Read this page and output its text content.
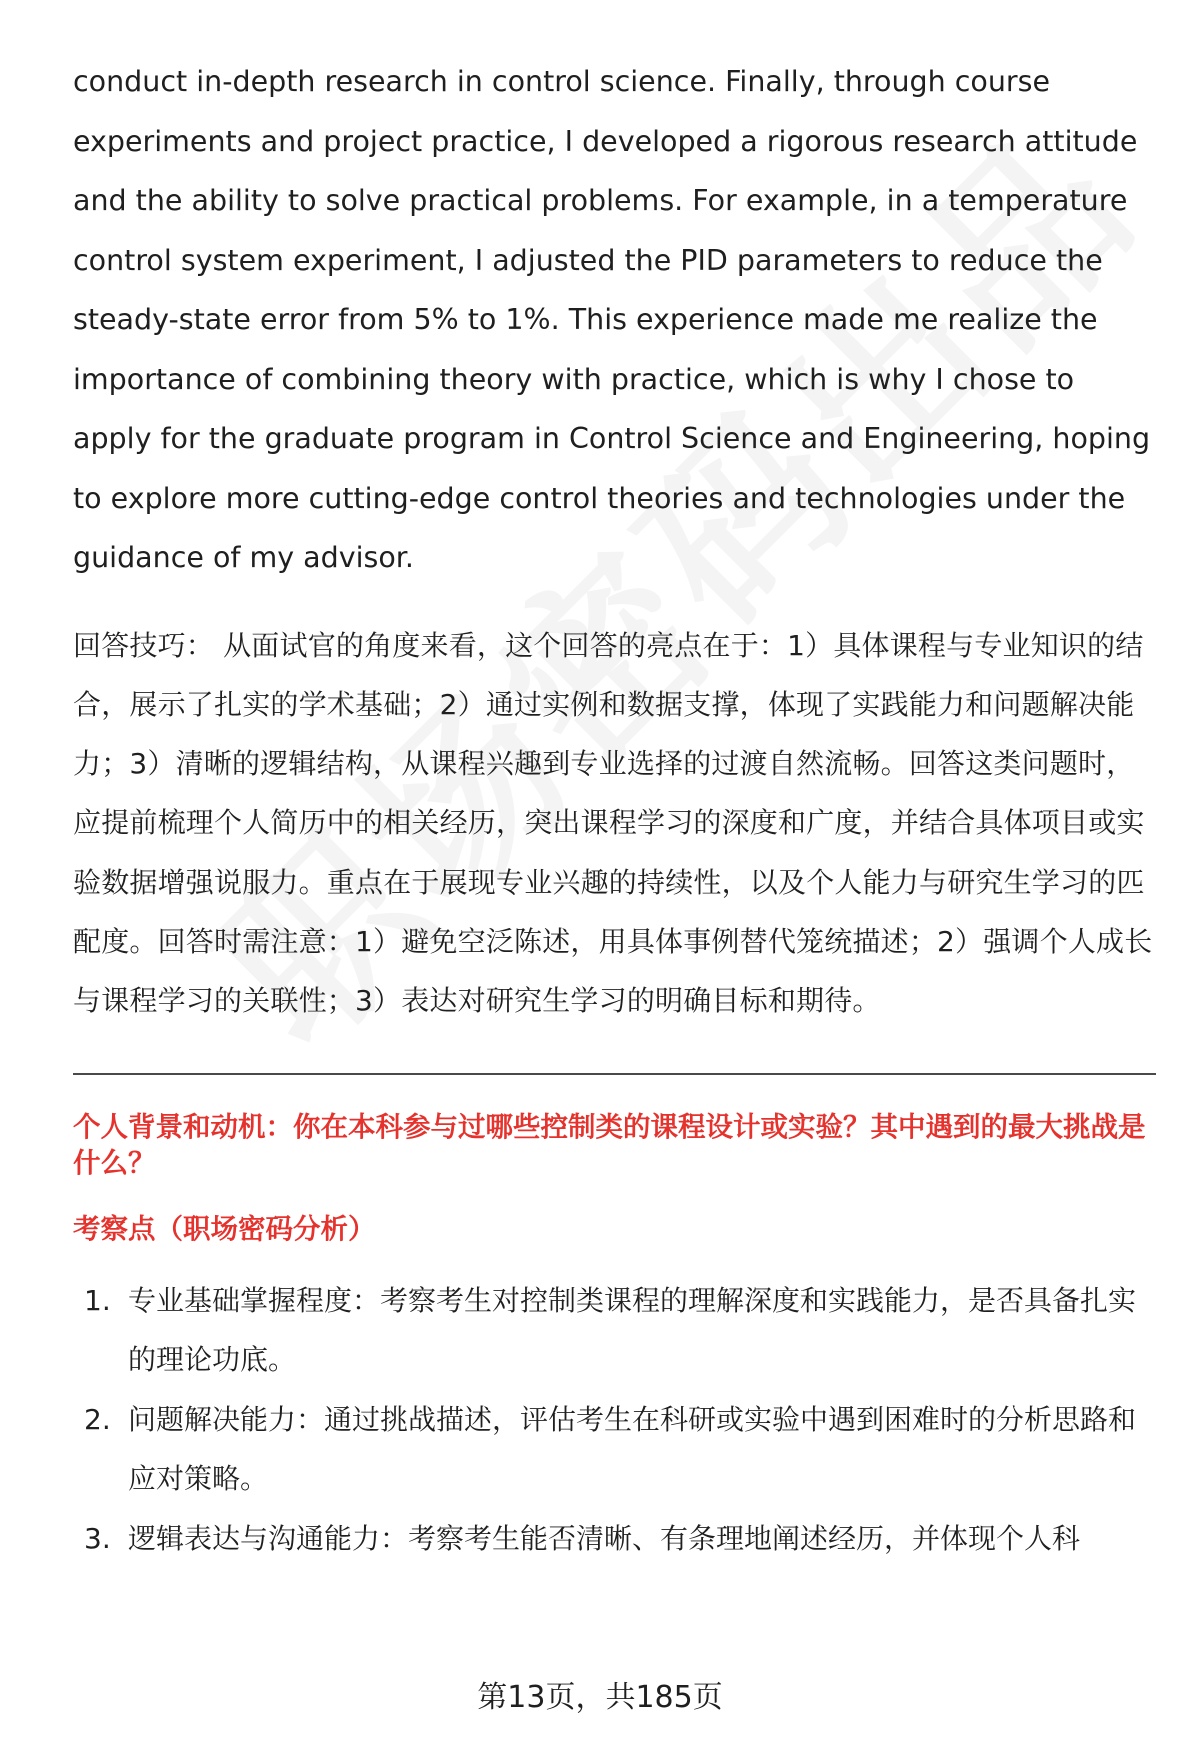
conduct in-depth research in control science. Finally, through course experiments and project practice, I developed a rigorous research attitude and the ability to solve practical problems. For example, in a temperature control system experiment, I adjusted the PID parameters to reduce the steady-state error from 5% to 1%. This experience made me realize the importance of combining theory with practice, which is why I chose to apply for the graduate program in Control Science and Engineering, hoping to explore more cutting-edge control theories and technologies under the guidance of my advisor.

回答技巧： 从面试官的角度来看，这个回答的亮点在于：1）具体课程与专业知识的结合，展示了扎实的学术基础；2）通过实例和数据支撑，体现了实践能力和问题解决能力；3）清晰的逻辑结构，从课程兴趣到专业选择的过渡自然流畅。回答这类问题时，应提前梳理个人简历中的相关经历，突出课程学习的深度和广度，并结合具体项目或实验数据增强说服力。重点在于展现专业兴趣的持续性，以及个人能力与研究生学习的匹配度。回答时需注意：1）避免空泛陈述，用具体事例替代笼统描述；2）强调个人成长与课程学习的关联性；3）表达对研究生学习的明确目标和期待。

个人背景和动机：你在本科参与过哪些控制类的课程设计或实验？其中遇到的最大挑战是什么？
考察点（职场密码分析）
1. 专业基础掌握程度：考察考生对控制类课程的理解深度和实践能力，是否具备扎实的理论功底。
2. 问题解决能力：通过挑战描述，评估考生在科研或实验中遇到困难时的分析思路和应对策略。
3. 逻辑表达与沟通能力：考察考生能否清晰、有条理地阐述经历，并体现个人科
第13页，共185页
